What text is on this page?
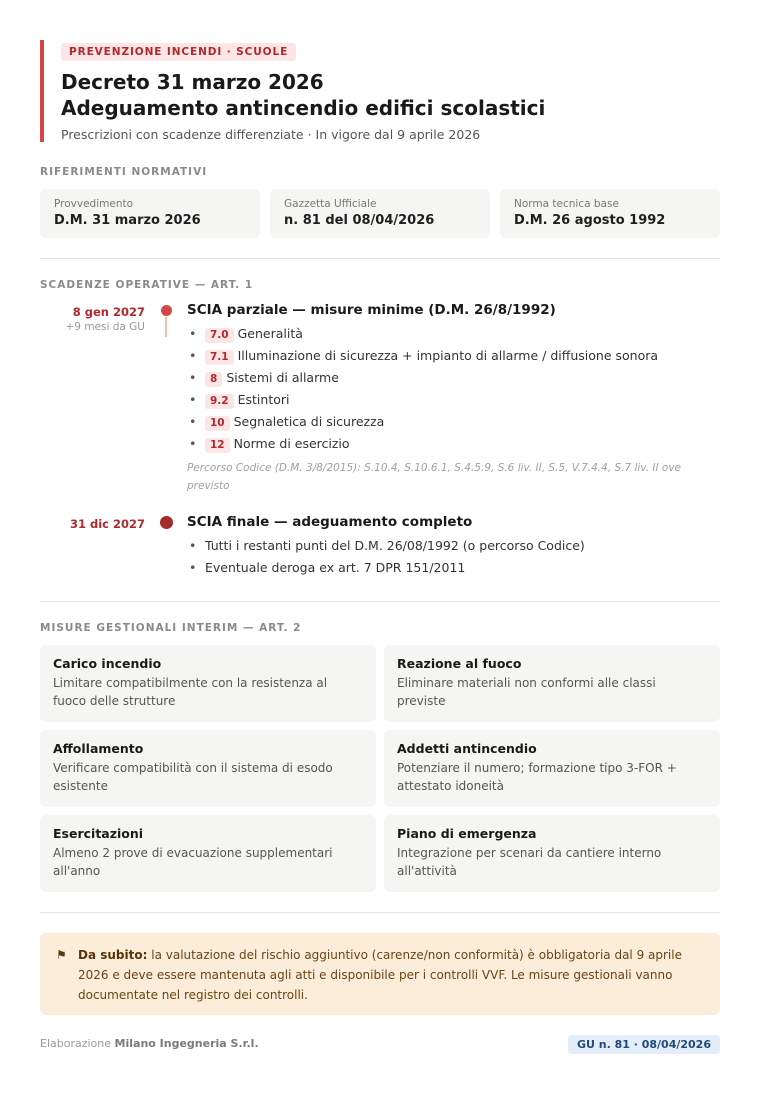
PREVENZIONE INCENDI · SCUOLE
Decreto 31 marzo 2026
Adeguamento antincendio edifici scolastici
Prescrizioni con scadenze differenziate · In vigore dal 9 aprile 2026
RIFERIMENTI NORMATIVI
Provvedimento
D.M. 31 marzo 2026
Gazzetta Ufficiale
n. 81 del 08/04/2026
Norma tecnica base
D.M. 26 agosto 1992
SCADENZE OPERATIVE — ART. 1
8 gen 2027
+9 mesi da GU
SCIA parziale — misure minime (D.M. 26/8/1992)
• 7.0 Generalità
• 7.1 Illuminazione di sicurezza + impianto di allarme / diffusione sonora
• 8 Sistemi di allarme
• 9.2 Estintori
• 10 Segnaletica di sicurezza
• 12 Norme di esercizio
Percorso Codice (D.M. 3/8/2015): S.10.4, S.10.6.1, S.4.5.9, S.6 liv. II, S.5, V.7.4.4, S.7 liv. II ove previsto
31 dic 2027	SCIA finale — adeguamento completo
• Tutti i restanti punti del D.M. 26/08/1992 (o percorso Codice)
• Eventuale deroga ex art. 7 DPR 151/2011
MISURE GESTIONALI INTERIM — ART. 2
Carico incendio
Limitare compatibilmente con la resistenza al fuoco delle strutture
Reazione al fuoco
Eliminare materiali non conformi alle classi previste
Affollamento
Verificare compatibilità con il sistema di esodo esistente
Addetti antincendio
Potenziare il numero; formazione tipo 3-FOR + attestato idoneità
Esercitazioni
Almeno 2 prove di evacuazione supplementari all'anno
Piano di emergenza
Integrazione per scenari da cantiere interno all'attività
⚑ Da subito: la valutazione del rischio aggiuntivo (carenze/non conformità) è obbligatoria dal 9 aprile 2026 e deve essere mantenuta agli atti e disponibile per i controlli VVF. Le misure gestionali vanno documentate nel registro dei controlli.
Elaborazione Milano Ingegneria S.r.l.	GU n. 81 · 08/04/2026
